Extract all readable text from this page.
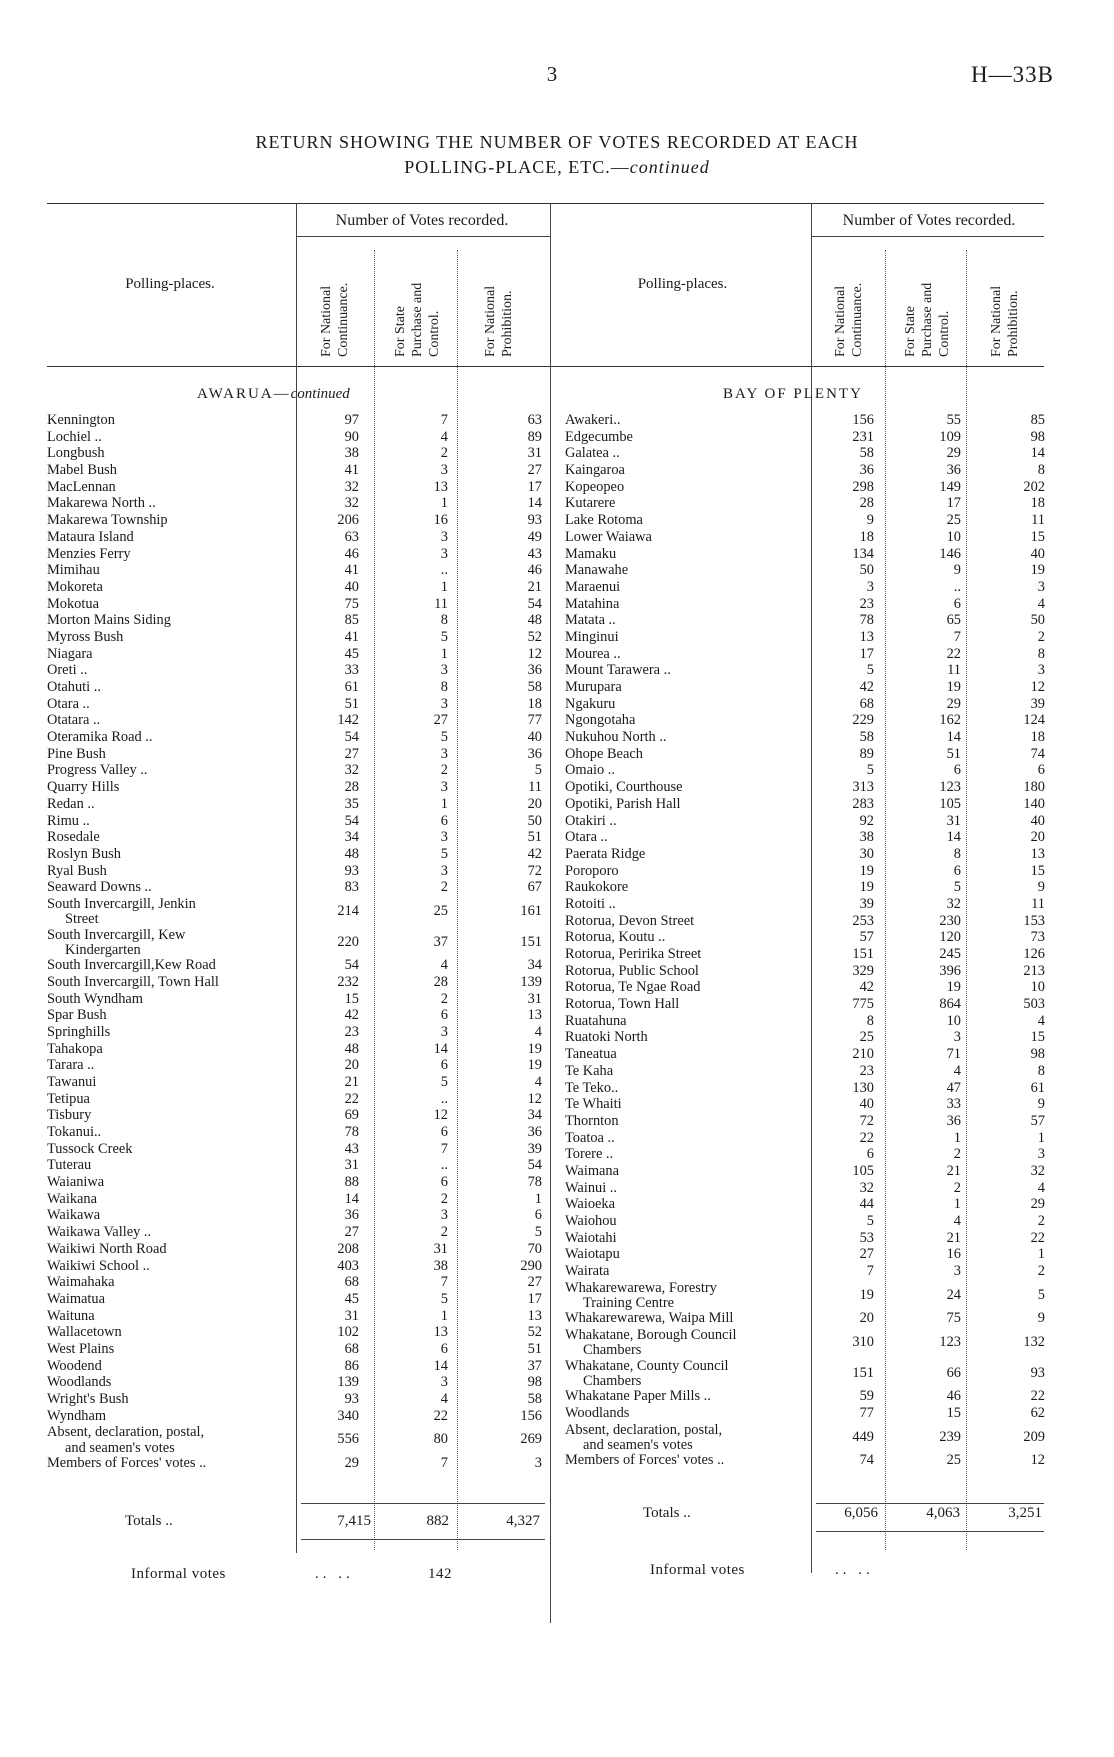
3	H—33B
RETURN SHOWING THE NUMBER OF VOTES RECORDED AT EACH
POLLING-PLACE, ETC.—continued
Number of Votes recorded.
Polling-places.
For National
Continuance.	For State
Purchase and
Control.	For National
Prohibition.
Number of Votes recorded.
Polling-places.
For National
Continuance.	For State
Purchase and
Control.	For National
Prohibition.
AWARUA—continued	BAY OF PLENTY
Kennington	97	7	63
Lochiel ..	90	4	89
Longbush	38	2	31
Mabel Bush	41	3	27
MacLennan	32	13	17
Makarewa North ..	32	1	14
Makarewa Township	206	16	93
Mataura Island	63	3	49
Menzies Ferry	46	3	43
Mimihau	41	..	46
Mokoreta	40	1	21
Mokotua	75	11	54
Morton Mains Siding	85	8	48
Myross Bush	41	5	52
Niagara	45	1	12
Oreti ..	33	3	36
Otahuti ..	61	8	58
Otara ..	51	3	18
Otatara ..	142	27	77
Oteramika Road ..	54	5	40
Pine Bush	27	3	36
Progress Valley ..	32	2	5
Quarry Hills	28	3	11
Redan ..	35	1	20
Rimu ..	54	6	50
Rosedale	34	3	51
Roslyn Bush	48	5	42
Ryal Bush	93	3	72
Seaward Downs ..	83	2	67
South Invercargill, Jenkin
Street
214	25	161
South Invercargill, Kew
Kindergarten
220	37	151
South Invercargill,Kew Road	54	4	34
South Invercargill, Town Hall	232	28	139
South Wyndham	15	2	31
Spar Bush	42	6	13
Springhills	23	3	4
Tahakopa	48	14	19
Tarara ..	20	6	19
Tawanui	21	5	4
Tetipua	22	..	12
Tisbury	69	12	34
Tokanui..	78	6	36
Tussock Creek	43	7	39
Tuterau	31	..	54
Waianiwa	88	6	78
Waikana	14	2	1
Waikawa	36	3	6
Waikawa Valley ..	27	2	5
Waikiwi North Road	208	31	70
Waikiwi School ..	403	38	290
Waimahaka	68	7	27
Waimatua	45	5	17
Waituna	31	1	13
Wallacetown	102	13	52
West Plains	68	6	51
Woodend	86	14	37
Woodlands	139	3	98
Wright's Bush	93	4	58
Wyndham	340	22	156
Absent, declaration, postal,
and seamen's votes
556	80	269
Members of Forces' votes ..	29	7	3
Awakeri..	156	55	85
Edgecumbe	231	109	98
Galatea ..	58	29	14
Kaingaroa	36	36	8
Kopeopeo	298	149	202
Kutarere	28	17	18
Lake Rotoma	9	25	11
Lower Waiawa	18	10	15
Mamaku	134	146	40
Manawahe	50	9	19
Maraenui	3	..	3
Matahina	23	6	4
Matata ..	78	65	50
Minginui	13	7	2
Mourea ..	17	22	8
Mount Tarawera ..	5	11	3
Murupara	42	19	12
Ngakuru	68	29	39
Ngongotaha	229	162	124
Nukuhou North ..	58	14	18
Ohope Beach	89	51	74
Omaio ..	5	6	6
Opotiki, Courthouse	313	123	180
Opotiki, Parish Hall	283	105	140
Otakiri ..	92	31	40
Otara ..	38	14	20
Paerata Ridge	30	8	13
Poroporo	19	6	15
Raukokore	19	5	9
Rotoiti ..	39	32	11
Rotorua, Devon Street	253	230	153
Rotorua, Koutu ..	57	120	73
Rotorua, Peririka Street	151	245	126
Rotorua, Public School	329	396	213
Rotorua, Te Ngae Road	42	19	10
Rotorua, Town Hall	775	864	503
Ruatahuna	8	10	4
Ruatoki North	25	3	15
Taneatua	210	71	98
Te Kaha	23	4	8
Te Teko..	130	47	61
Te Whaiti	40	33	9
Thornton	72	36	57
Toatoa ..	22	1	1
Torere ..	6	2	3
Waimana	105	21	32
Wainui ..	32	2	4
Waioeka	44	1	29
Waiohou	5	4	2
Waiotahi	53	21	22
Waiotapu	27	16	1
Wairata	7	3	2
Whakarewarewa, Forestry
Training Centre
19	24	5
Whakarewarewa, Waipa Mill	20	75	9
Whakatane, Borough Council
Chambers
310	123	132
Whakatane, County Council
Chambers
151	66	93
Whakatane Paper Mills ..	59	46	22
Woodlands	77	15	62
Absent, declaration, postal,
and seamen's votes
449	239	209
Members of Forces' votes ..	74	25	12
Totals ..	7,415	882	4,327	Totals ..	6,056	4,063	3,251
Informal votes	.. ..	142	Informal votes	.. ..
